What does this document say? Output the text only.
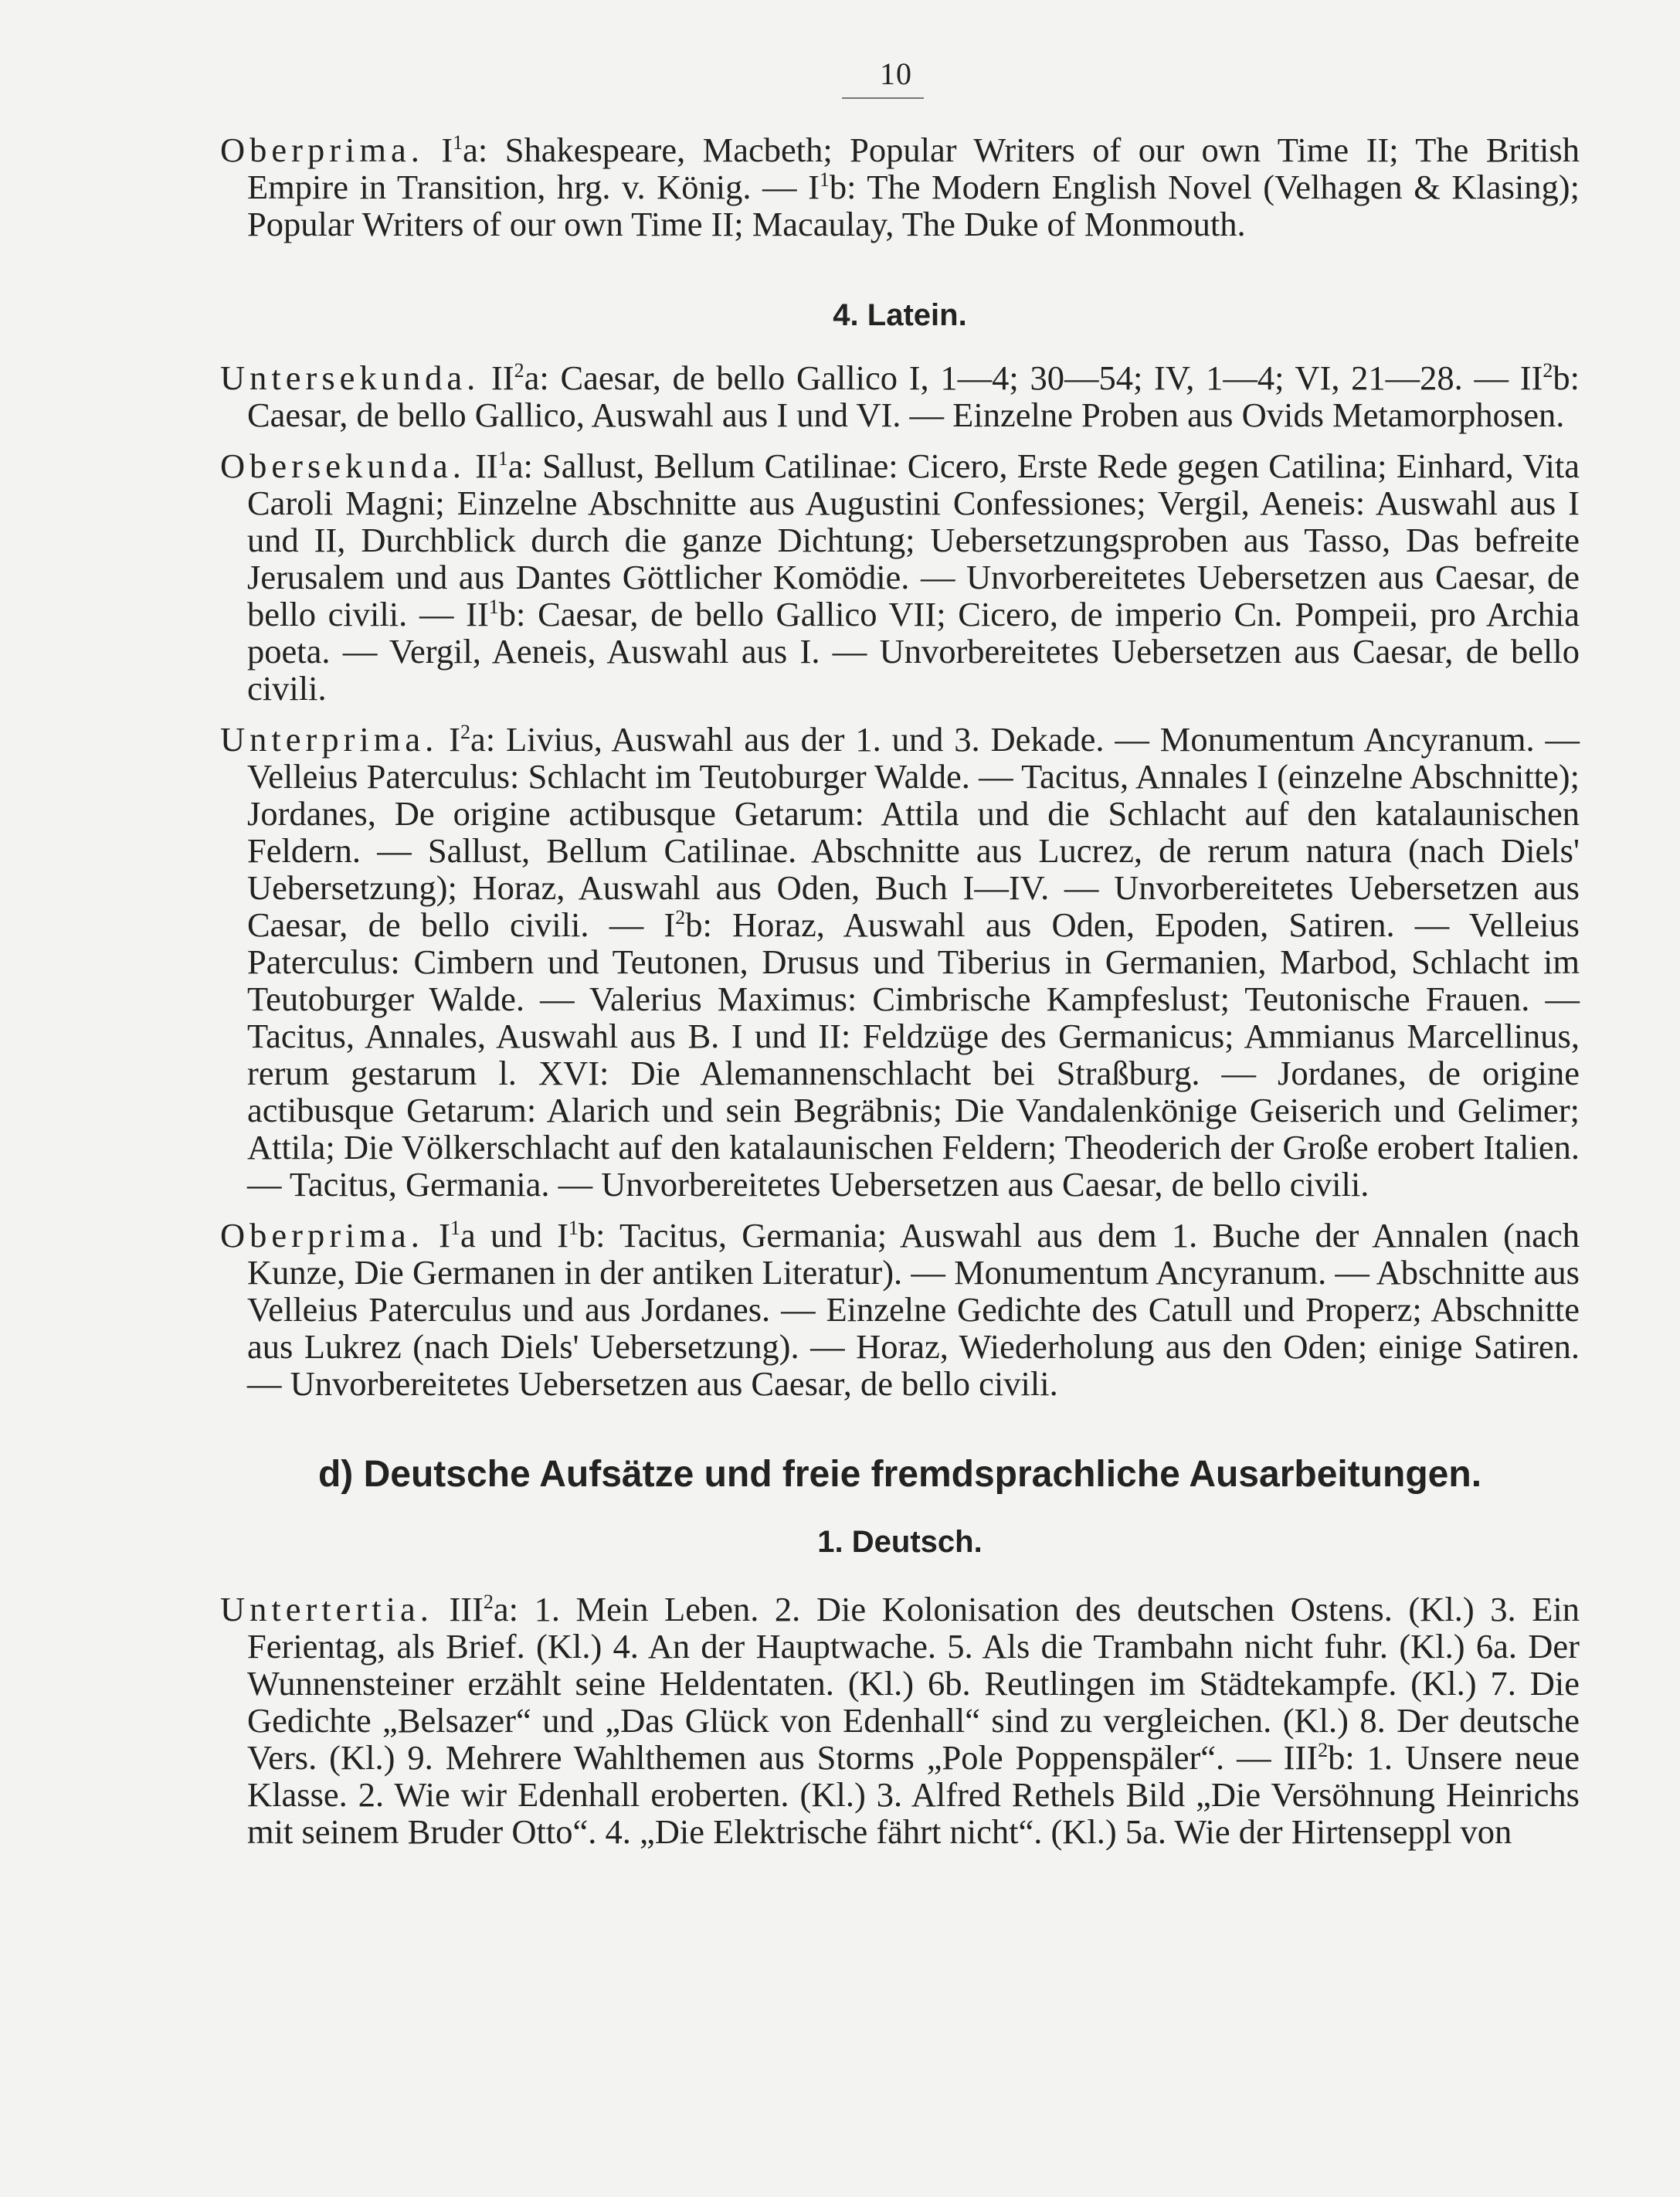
10

Oberprima. $I^1a$: Shakespeare, Macbeth; Popular Writers of our own Time II; The British Empire in Transition, hrg. v. König. — $I^1b$: The Modern English Novel (Velhagen & Klasing); Popular Writers of our own Time II; Macaulay, The Duke of Monmouth.

4. Latein.

Untersekunda. $II^2a$: Caesar, de bello Gallico I, 1—4; 30—54; IV, 1—4; VI, 21—28. — $II^2b$: Caesar, de bello Gallico, Auswahl aus I und VI. — Einzelne Proben aus Ovids Metamorphosen.

Obersekunda. $II^1a$: Sallust, Bellum Catilinae: Cicero, Erste Rede gegen Catilina; Einhard, Vita Caroli Magni; Einzelne Abschnitte aus Augustini Confessiones; Vergil, Aeneis: Auswahl aus I und II, Durchblick durch die ganze Dichtung; Uebersetzungsproben aus Tasso, Das befreite Jerusalem und aus Dantes Göttlicher Komödie. — Unvorbereitetes Uebersetzen aus Caesar, de bello civili. — $II^1b$: Caesar, de bello Gallico VII; Cicero, de imperio Cn. Pompeii, pro Archia poeta. — Vergil, Aeneis, Auswahl aus I. — Unvorbereitetes Uebersetzen aus Caesar, de bello civili.

Unterprima. $I^2a$: Livius, Auswahl aus der 1. und 3. Dekade. — Monumentum Ancyranum. — Velleius Paterculus: Schlacht im Teutoburger Walde. — Tacitus, Annales I (einzelne Abschnitte); Jordanes, De origine actibusque Getarum: Attila und die Schlacht auf den katalaunischen Feldern. — Sallust, Bellum Catilinae. Abschnitte aus Lucrez, de rerum natura (nach Diels' Uebersetzung); Horaz, Auswahl aus Oden, Buch I—IV. — Unvorbereitetes Uebersetzen aus Caesar, de bello civili. — $I^2b$: Horaz, Auswahl aus Oden, Epoden, Satiren. — Velleius Paterculus: Cimbern und Teutonen, Drusus und Tiberius in Germanien, Marbod, Schlacht im Teutoburger Walde. — Valerius Maximus: Cimbrische Kampfeslust; Teutonische Frauen. — Tacitus, Annales, Auswahl aus B. I und II: Feldzüge des Germanicus; Ammianus Marcellinus, rerum gestarum l. XVI: Die Alemannenschlacht bei Straßburg. — Jordanes, de origine actibusque Getarum: Alarich und sein Begräbnis; Die Vandalenkönige Geiserich und Gelimer; Attila; Die Völkerschlacht auf den katalaunischen Feldern; Theoderich der Große erobert Italien. — Tacitus, Germania. — Unvorbereitetes Uebersetzen aus Caesar, de bello civili.

Oberprima. $I^1a$ und $I^1b$: Tacitus, Germania; Auswahl aus dem 1. Buche der Annalen (nach Kunze, Die Germanen in der antiken Literatur). — Monumentum Ancyranum. — Abschnitte aus Velleius Paterculus und aus Jordanes. — Einzelne Gedichte des Catull und Properz; Abschnitte aus Lukrez (nach Diels' Uebersetzung). — Horaz, Wiederholung aus den Oden; einige Satiren. — Unvorbereitetes Uebersetzen aus Caesar, de bello civili.

d) Deutsche Aufsätze und freie fremdsprachliche Ausarbeitungen.
1. Deutsch.

Untertertia. III$^2$a: 1. Mein Leben. 2. Die Kolonisation des deutschen Ostens. (Kl.) 3. Ein Ferientag, als Brief. (Kl.) 4. An der Hauptwache. 5. Als die Trambahn nicht fuhr. (Kl.) 6a. Der Wunnensteiner erzählt seine Heldentaten. (Kl.) 6b. Reutlingen im Städtekampfe. (Kl.) 7. Die Gedichte „Belsazer“ und „Das Glück von Edenhall“ sind zu vergleichen. (Kl.) 8. Der deutsche Vers. (Kl.) 9. Mehrere Wahlthemen aus Storms „Pole Poppenspäler“. — III$^2$b: 1. Unsere neue Klasse. 2. Wie wir Edenhall eroberten. (Kl.) 3. Alfred Rethels Bild „Die Versöhnung Heinrichs mit seinem Bruder Otto“. 4. „Die Elektrische fährt nicht“. (Kl.) 5a. Wie der Hirtenseppl von
